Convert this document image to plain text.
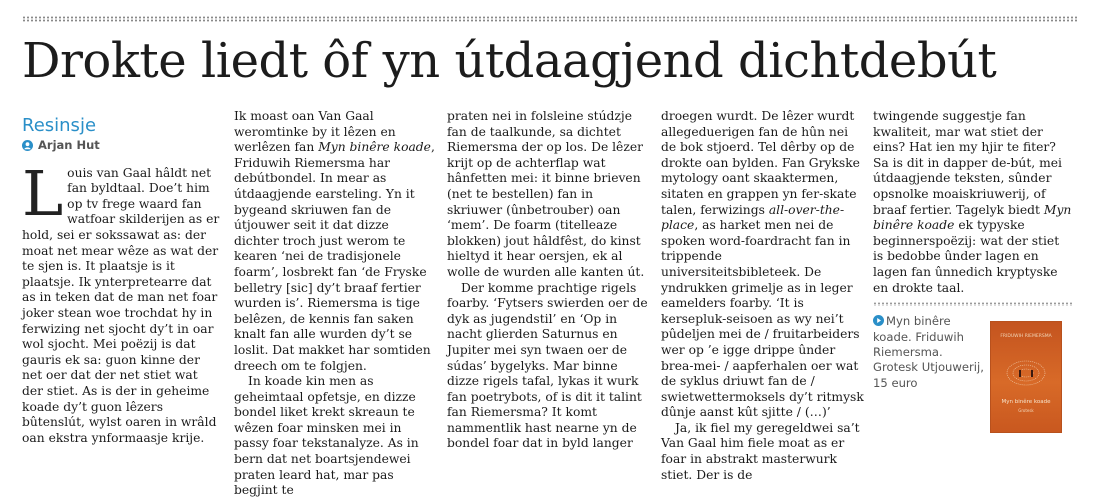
Drokte liedt ôf yn útdaagjend dichtdebút
Resinsje
Arjan Hut

Louis van Gaal hâldt net fan byldtaal. Doe’t him op tv frege waard fan watfoar skilderijen as er hold, sei er sokssawat as: der moat net mear wêze as wat der te sjen is. It plaatsje is it plaatsje. Ik ynterpretearre dat as in teken dat de man net foar joker stean woe trochdat hy in ferwizing net sjocht dy’t in oar wol sjocht. Mei poëzij is dat gauris ek sa: guon kinne der net oer dat der net stiet wat der stiet. As is der in geheime koade dy’t guon lêzers bûtenslút, wylst oaren in wrâld oan ekstra ynformaasje krije.

Ik moast oan Van Gaal weromtinke by it lêzen en werlêzen fan Myn binêre koade, Friduwih Riemersma har debútbondel. In mear as útdaagjende earsteling. Yn it bygeand skriuwen fan de útjouwer seit it dat dizze dichter troch just werom te kearen ‘nei de tradisjonele foarm’, losbrekt fan ‘de Fryske belletry [sic] dy’t braaf fertier wurden is’. Riemersma is tige belêzen, de kennis fan saken knalt fan alle wurden dy’t se loslit. Dat makket har somtiden dreech om te folgjen.

In koade kin men as geheimtaal opfetsje, en dizze bondel liket krekt skreaun te wêzen foar minsken mei in passy foar tekstanalyze. As in bern dat net boartsjendewei praten leard hat, mar pas begjint te

praten nei in folsleine stúdzje fan de taalkunde, sa dichtet Riemersma der op los. De lêzer krijt op de achterflap wat hânfetten mei: it binne brieven (net te bestellen) fan in skriuwer (ûnbetrouber) oan ‘mem’. De foarm (titelleaze blokken) jout hâldfêst, do kinst hieltyd it hear oersjen, ek al wolle de wurden alle kanten út.

Der komme prachtige rigels foarby. ‘Fytsers swierden oer de dyk as jugendstil’ en ‘Op in nacht glierden Saturnus en Jupiter mei syn twaen oer de súdas’ bygelyks. Mar binne dizze rigels tafal, lykas it wurk fan poetrybots, of is dit it talint fan Riemersma? It komt nammentlik hast nearne yn de bondel foar dat in byld langer

droegen wurdt. De lêzer wurdt allegeduerigen fan de hûn nei de bok stjoerd. Tel dêrby op de drokte oan bylden. Fan Grykske mytology oant skaaktermen, sitaten en grappen yn fer-skate talen, ferwizings all-over-the-place, as harket men nei de spoken word-foardracht fan in trippende universiteitsbibleteek. De yndrukken grimelje as in leger eamelders foarby. ‘It is kersepluk-seisoen as wy nei’t pûdeljen mei de / fruitarbeiders wer op ’e igge drippe ûnder brea-mei- / aapferhalen oer wat de syklus driuwt fan de / swietwettermoksels dy’t ritmysk dûnje aanst kût sjitte / (…)’

Ja, ik fiel my geregeldwei sa’t Van Gaal him fiele moat as er foar in abstrakt masterwurk stiet. Der is de

twingende suggestje fan kwaliteit, mar wat stiet der eins? Hat ien my hjir te fiter? Sa is dit in dapper de-bút, mei útdaagjende teksten, sûnder opsnolke moaiskriuwerij, of braaf fertier. Tagelyk biedt Myn binêre koade ek typyske beginnerspoëzij: wat der stiet is bedobbe ûnder lagen en lagen fan ûnnedich kryptyske en drokte taal.

Myn binêre koade. Friduwih Riemersma. Grotesk Utjouwerij, 15 euro
FRIDUWIH RIEMERSMA
Myn binêre koade
Grotesk
